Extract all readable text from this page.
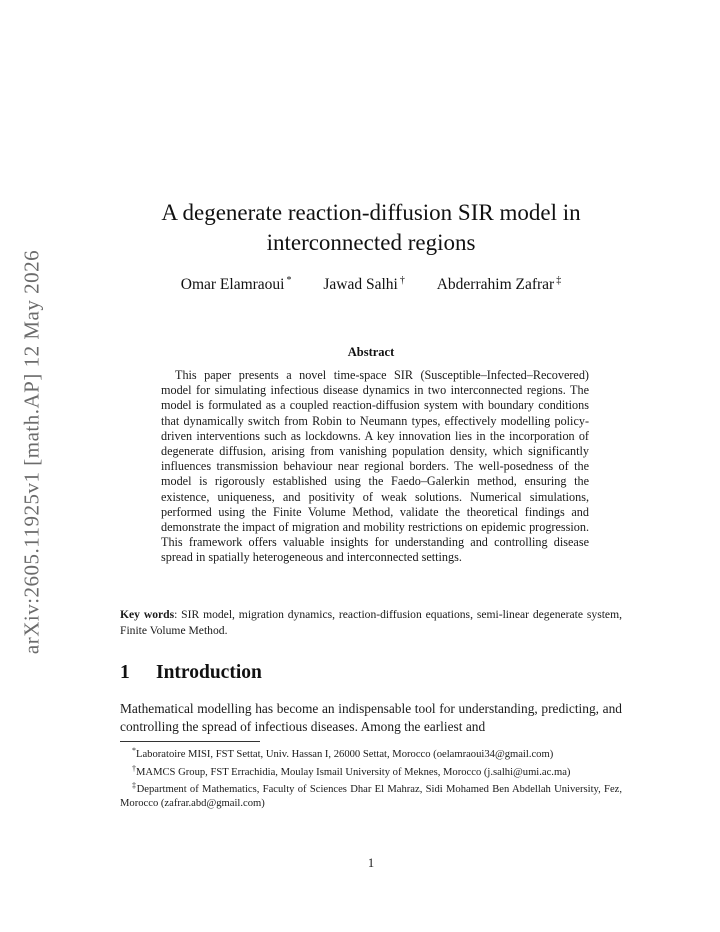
arXiv:2605.11925v1 [math.AP] 12 May 2026
A degenerate reaction-diffusion SIR model in
interconnected regions
Omar Elamraoui * Jawad Salhi † Abderrahim Zafrar ‡
Abstract

This paper presents a novel time-space SIR (Susceptible–Infected–Recovered) model for simulating infectious disease dynamics in two interconnected regions. The model is formulated as a coupled reaction-diffusion system with boundary conditions that dynamically switch from Robin to Neumann types, effectively modelling policy-driven interventions such as lockdowns. A key innovation lies in the incorporation of degenerate diffusion, arising from vanishing population density, which significantly influences transmission behaviour near regional borders. The well-posedness of the model is rigorously established using the Faedo–Galerkin method, ensuring the existence, uniqueness, and positivity of weak solutions. Numerical simulations, performed using the Finite Volume Method, validate the theoretical findings and demonstrate the impact of migration and mobility restrictions on epidemic progression. This framework offers valuable insights for understanding and controlling disease spread in spatially heterogeneous and interconnected settings.

Key words: SIR model, migration dynamics, reaction-diffusion equations, semi-linear degenerate system, Finite Volume Method.
1 Introduction

Mathematical modelling has become an indispensable tool for understanding, predicting, and controlling the spread of infectious diseases. Among the earliest and

*Laboratoire MISI, FST Settat, Univ. Hassan I, 26000 Settat, Morocco (oelamraoui34@gmail.com)

†MAMCS Group, FST Errachidia, Moulay Ismail University of Meknes, Morocco (j.salhi@umi.ac.ma)

‡Department of Mathematics, Faculty of Sciences Dhar El Mahraz, Sidi Mohamed Ben Abdellah University, Fez, Morocco (zafrar.abd@gmail.com)

1
